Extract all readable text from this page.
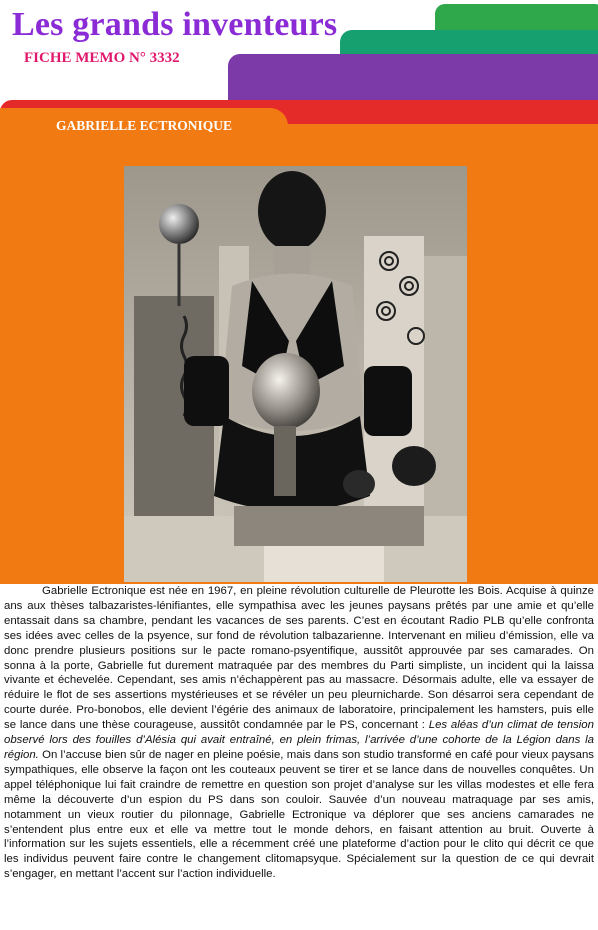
Les grands inventeurs
FICHE MEMO N° 3332
GABRIELLE ECTRONIQUE

Gabrielle Ectronique est née en 1967, en pleine révolution culturelle de Pleurotte les Bois. Acquise à quinze ans aux thèses talbazaristes-lénifiantes, elle sympathisa avec les jeunes paysans prêtés par une amie et qu’elle entassait dans sa chambre, pendant les vacances de ses parents. C’est en écoutant Radio PLB qu’elle confronta ses idées avec celles de la psyence, sur fond de révolution talbazarienne. Intervenant en milieu d’émission, elle va donc prendre plusieurs positions sur le pacte romano-psyentifique, aussitôt approuvée par ses camarades. On sonna à la porte, Gabrielle fut durement matraquée par des membres du Parti simpliste, un incident qui la laissa vivante et échevelée. Cependant, ses amis n’échappèrent pas au massacre. Désormais adulte, elle va essayer de réduire le flot de ses assertions mystérieuses et se révéler un peu pleurnicharde. Son désarroi sera cependant de courte durée. Pro-bonobos, elle devient l’égérie des animaux de laboratoire, principalement les hamsters, puis elle se lance dans une thèse courageuse, aussitôt condamnée par le PS, concernant : Les aléas d’un climat de tension observé lors des fouilles d’Alésia qui avait entraîné, en plein frimas, l’arrivée d’une cohorte de la Légion dans la région. On l’accuse bien sûr de nager en pleine poésie, mais dans son studio transformé en café pour vieux paysans sympathiques, elle observe la façon ont les couteaux peuvent se tirer et se lance dans de nouvelles conquêtes. Un appel téléphonique lui fait craindre de remettre en question son projet d’analyse sur les villas modestes et elle fera même la découverte d’un espion du PS dans son couloir. Sauvée d’un nouveau matraquage par ses amis, notamment un vieux routier du pilonnage, Gabrielle Ectronique va déplorer que ses anciens camarades ne s’entendent plus entre eux et elle va mettre tout le monde dehors, en faisant attention au bruit. Ouverte à l’information sur les sujets essentiels, elle a récemment créé une plateforme d’action pour le clito qui décrit ce que les individus peuvent faire contre le changement clitomapsyque. Spécialement sur la question de ce qui devrait s’engager, en mettant l’accent sur l’action individuelle.
